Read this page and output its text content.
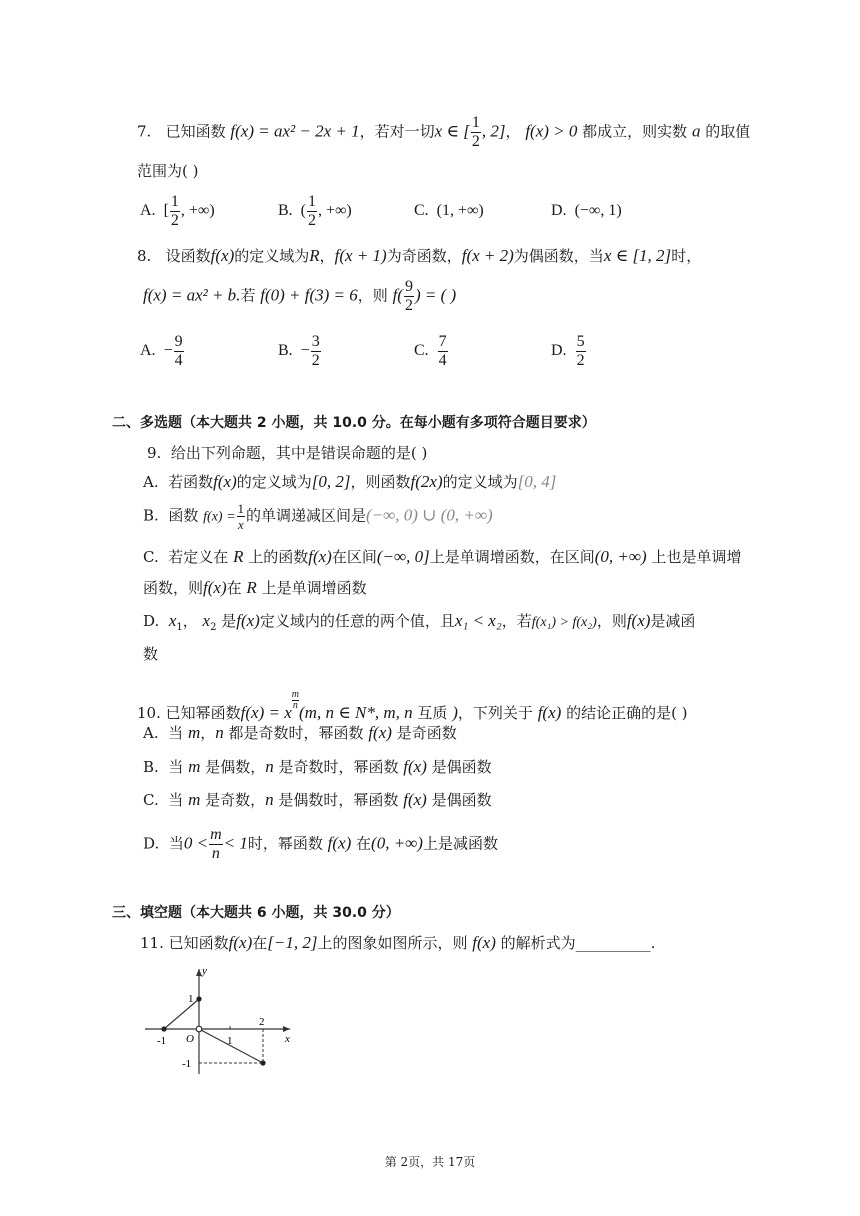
7. 已知函数 f(x) = ax² − 2x + 1，若对一切x ∈ [ $\frac{1}{2}$ , 2]， f(x) > 0 都成立，则实数 a 的取值
范围为( )
A. [ $\frac{1}{2}$ , +∞)	B. ( $\frac{1}{2}$ , +∞)	C. (1, +∞)	D. (−∞, 1)
8. 设函数f(x)的定义域为R，f(x + 1)为奇函数，f(x + 2)为偶函数，当x ∈ [1, 2]时，
f(x) = ax² + b.若 f(0) + f(3) = 6，则 $f( \frac{9}{2}$ ) = ( )
A. − $\frac{9}{4}$	B. − $\frac{3}{2}$	C. $\frac{7}{4}$	D. $\frac{5}{2}$
二、多选题（本大题共 2 小题，共 10.0 分。在每小题有多项符合题目要求）
9. 给出下列命题，其中是错误命题的是( )
A. 若函数f(x)的定义域为[0, 2]，则函数f(2x)的定义域为[0, 4]
B. 函数 $f(x) = \frac{1}{x}$ 的单调递减区间是(−∞, 0) ∪ (0, +∞)
C. 若定义在 R 上的函数f(x)在区间(−∞, 0]上是单调增函数，在区间(0, +∞) 上也是单调增
函数，则f(x)在 R 上是单调增函数
D. $x_1$， $x_2$ 是f(x)定义域内的任意的两个值，且x₁ < x₂，若f(x₁) > f(x₂)，则f(x)是减函
数
10. 已知幂函数f(x) = x
$^{\frac{m}{n}}$
(m, n ∈ N*, m, n 互质 )，下列关于 f(x) 的结论正确的是( )
A. 当 m，n 都是奇数时，幂函数 f(x) 是奇函数
B. 当 m 是偶数，n 是奇数时，幂函数 f(x) 是偶函数
C. 当 m 是奇数，n 是偶数时，幂函数 f(x) 是偶函数
D. 当$0 < \frac{m}{n} < 1$时，幂函数 f(x) 在(0, +∞)上是减函数
三、填空题（本大题共 6 小题，共 30.0 分）
11. 已知函数f(x)在[−1, 2]上的图象如图所示，则 f(x) 的解析式为__________.
y
x
O
1
-1
-1	1
2
第 2页，共 17页
